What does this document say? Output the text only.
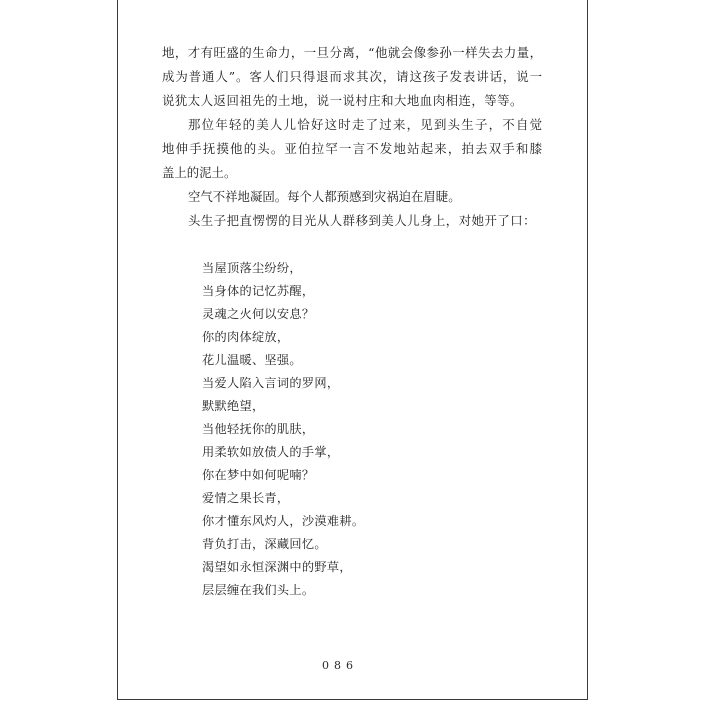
地，才有旺盛的生命力，一旦分离，“他就会像参孙一样失去力量，
成为普通人”。客人们只得退而求其次，请这孩子发表讲话，说一
说犹太人返回祖先的土地，说一说村庄和大地血肉相连，等等。
那位年轻的美人儿恰好这时走了过来，见到头生子，不自觉
地伸手抚摸他的头。亚伯拉罕一言不发地站起来，拍去双手和膝
盖上的泥土。
空气不祥地凝固。每个人都预感到灾祸迫在眉睫。
头生子把直愣愣的目光从人群移到美人儿身上，对她开了口：
当屋顶落尘纷纷，
当身体的记忆苏醒，
灵魂之火何以安息？
你的肉体绽放，
花儿温暖、坚强。
当爱人陷入言词的罗网，
默默绝望，
当他轻抚你的肌肤，
用柔软如放债人的手掌，
你在梦中如何呢喃？
爱情之果长青，
你才懂东风灼人，沙漠难耕。
背负打击，深藏回忆。
渴望如永恒深渊中的野草，
层层缠在我们头上。
086
